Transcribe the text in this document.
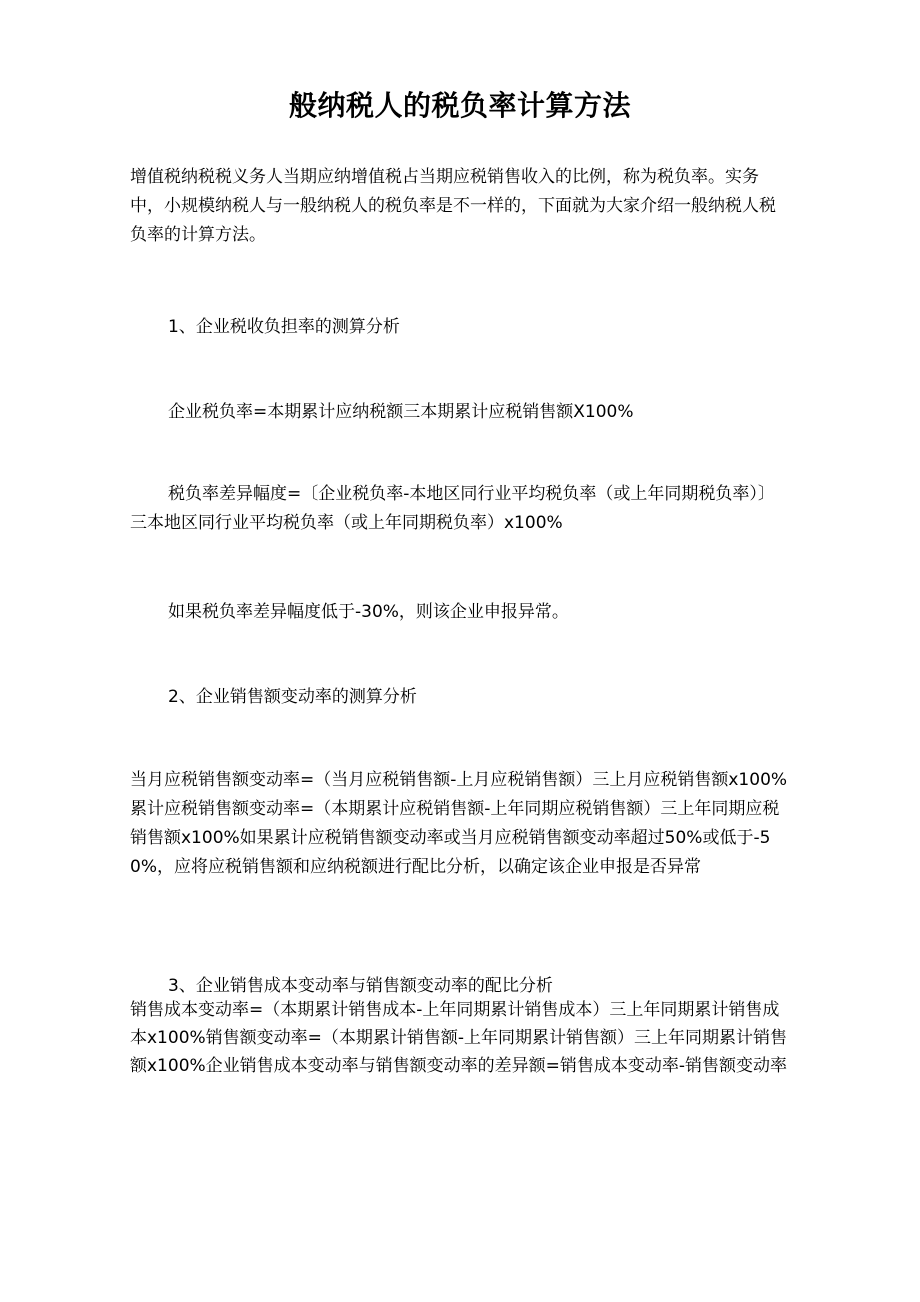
般纳税人的税负率计算方法

增值税纳税税义务人当期应纳增值税占当期应税销售收入的比例，称为税负率。实务中，小规模纳税人与一般纳税人的税负率是不一样的，下面就为大家介绍一般纳税人税负率的计算方法。

1、企业税收负担率的测算分析

企业税负率=本期累计应纳税额三本期累计应税销售额X100%

税负率差异幅度=〔企业税负率-本地区同行业平均税负率（或上年同期税负率）〕三本地区同行业平均税负率（或上年同期税负率）x100%

如果税负率差异幅度低于-30%，则该企业申报异常。

2、企业销售额变动率的测算分析

当月应税销售额变动率=（当月应税销售额-上月应税销售额）三上月应税销售额x100%累计应税销售额变动率=（本期累计应税销售额-上年同期应税销售额）三上年同期应税销售额x100%如果累计应税销售额变动率或当月应税销售额变动率超过50%或低于-50%，应将应税销售额和应纳税额进行配比分析，以确定该企业申报是否异常

3、企业销售成本变动率与销售额变动率的配比分析
销售成本变动率=（本期累计销售成本-上年同期累计销售成本）三上年同期累计销售成本x100%销售额变动率=（本期累计销售额-上年同期累计销售额）三上年同期累计销售额x100%企业销售成本变动率与销售额变动率的差异额=销售成本变动率-销售额变动率
